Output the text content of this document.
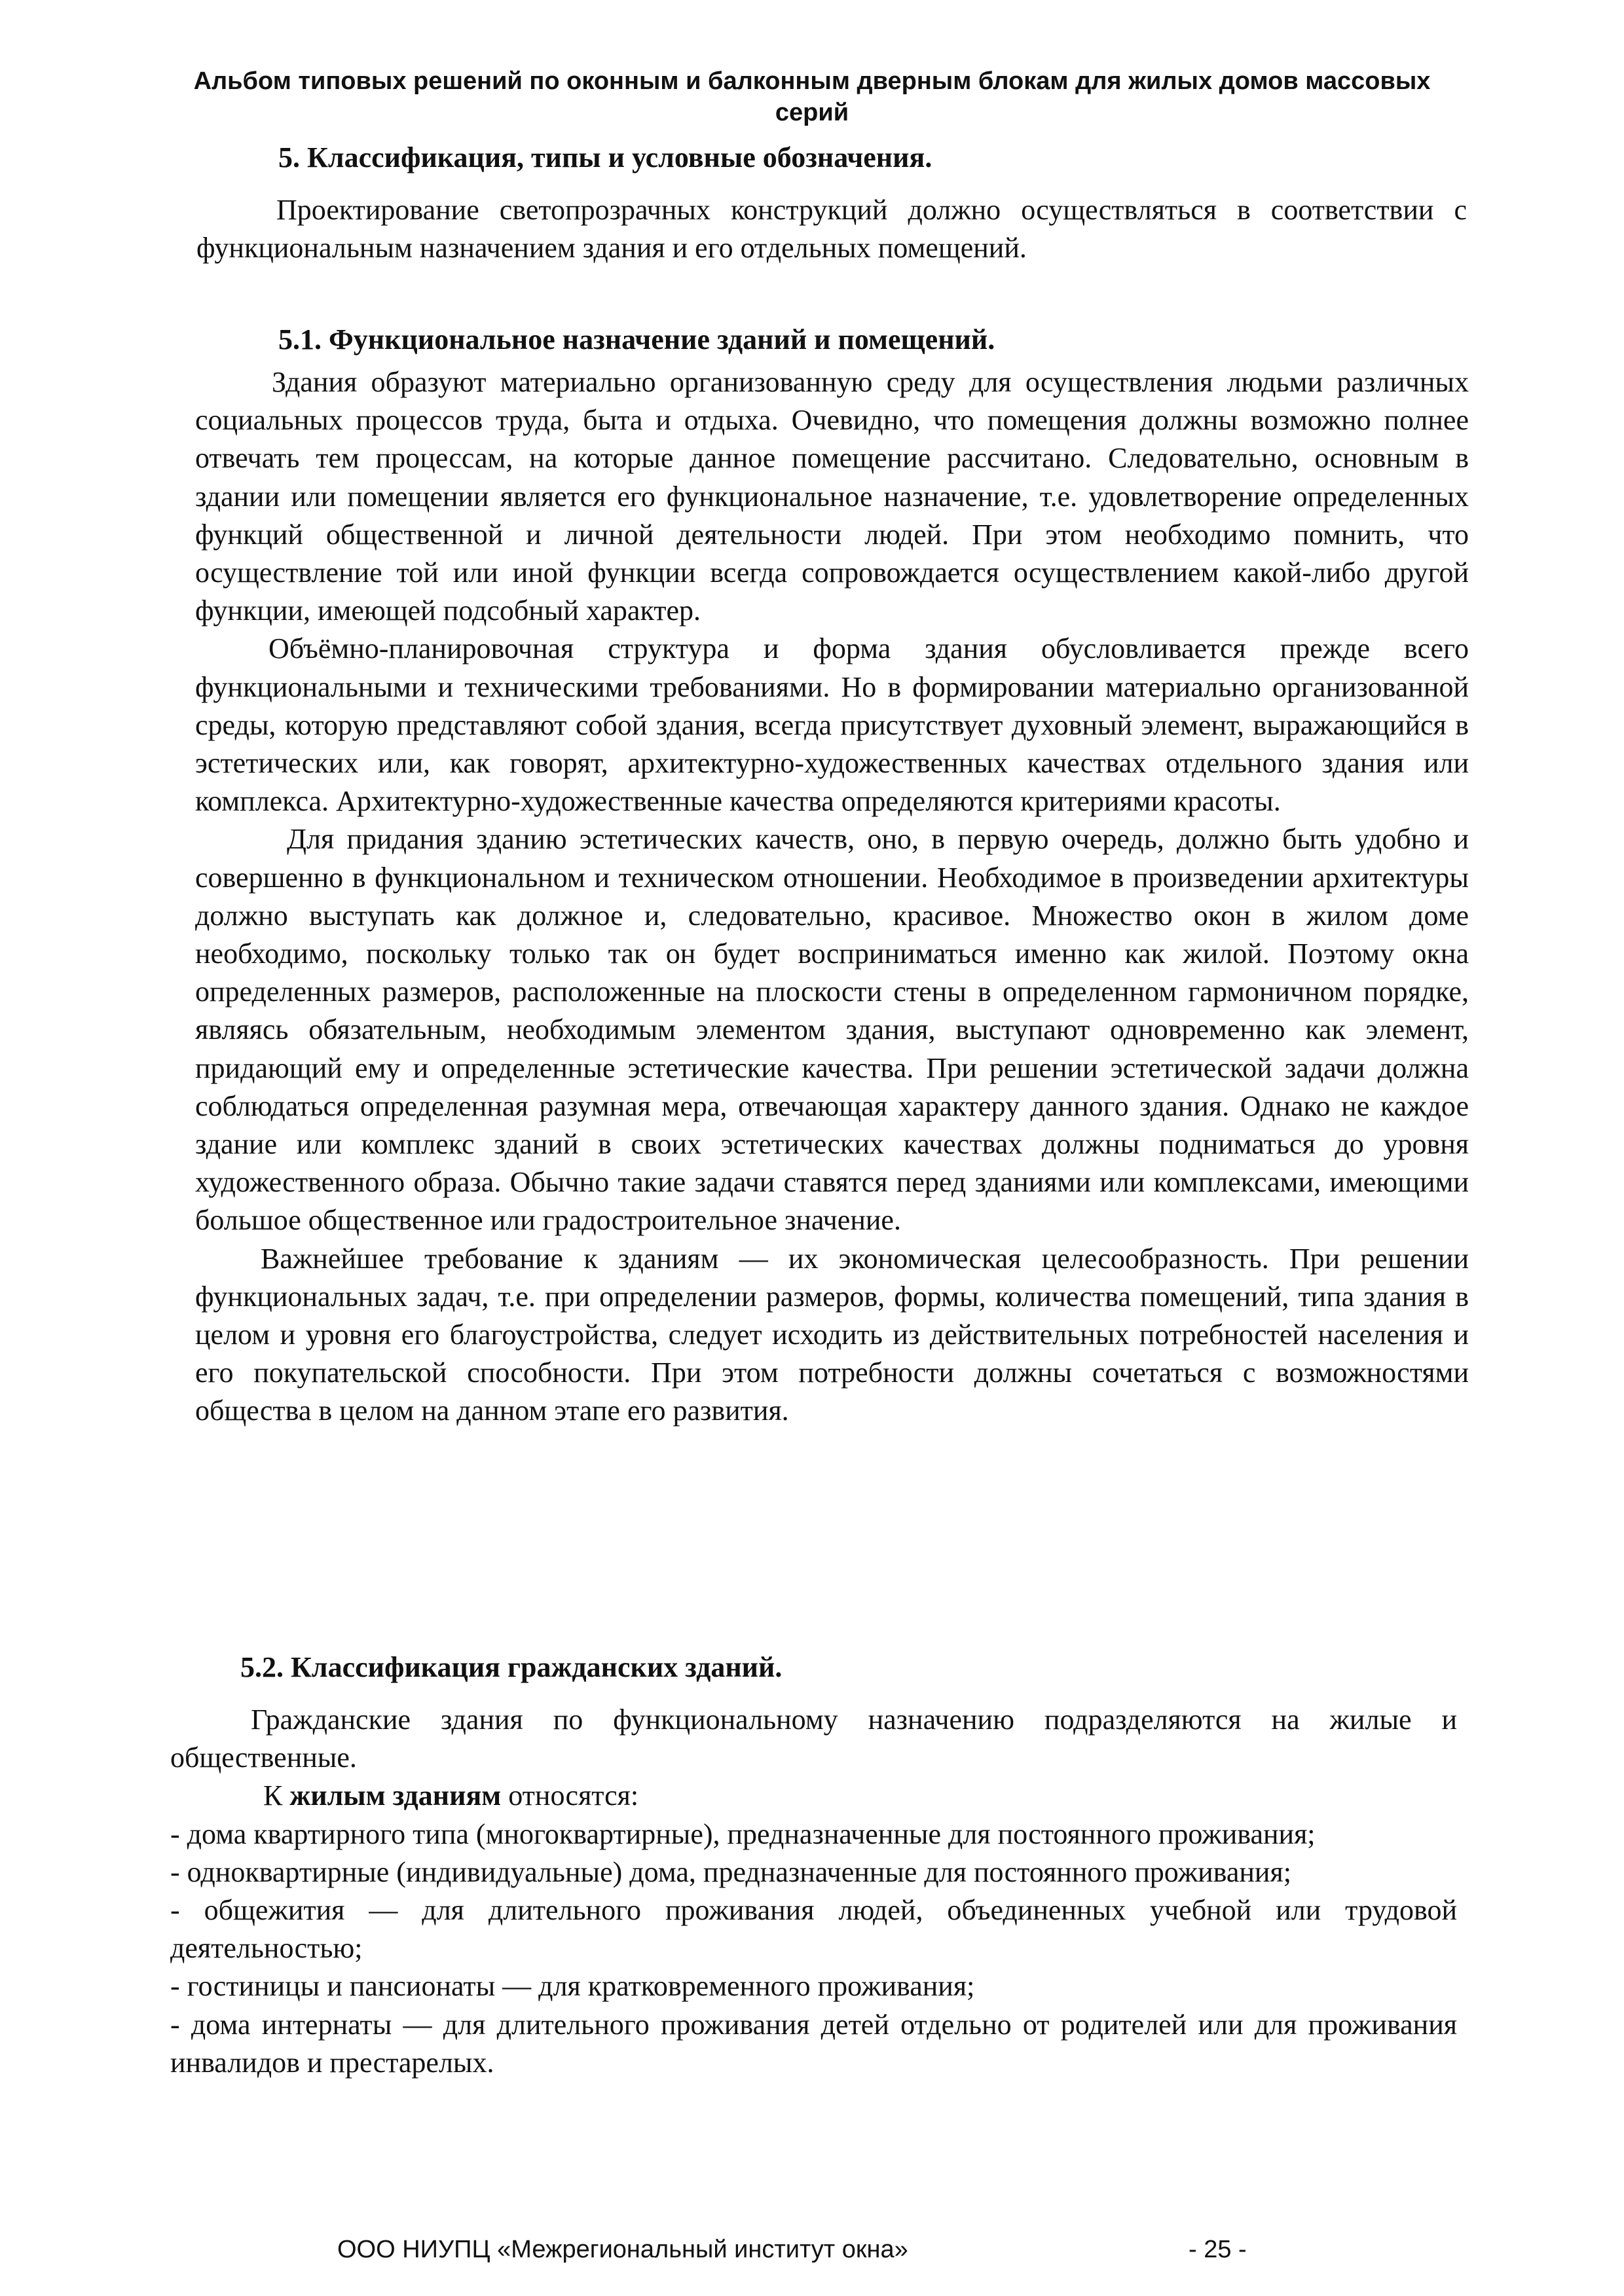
Альбом типовых решений по оконным и балконным дверным блокам для жилых домов массовых
серий
5. Классификация, типы и условные обозначения.

Проектирование светопрозрачных конструкций должно осуществляться в соответствии с функциональным назначением здания и его отдельных помещений.

5.1. Функциональное назначение зданий и помещений.

Здания образуют материально организованную среду для осуществления людьми различных социальных процессов труда, быта и отдыха. Очевидно, что помещения должны возможно полнее отвечать тем процессам, на которые данное помещение рассчитано. Следовательно, основным в здании или помещении является его функциональное назначение, т.е. удовлетворение определенных функций общественной и личной деятельности людей. При этом необходимо помнить, что осуществление той или иной функции всегда сопровождается осуществлением какой-либо другой функции, имеющей подсобный характер.

Объёмно-планировочная структура и форма здания обусловливается прежде всего функциональными и техническими требованиями. Но в формировании материально организованной среды, которую представляют собой здания, всегда присутствует духовный элемент, выражающийся в эстетических или, как говорят, архитектурно-художественных качествах отдельного здания или комплекса. Архитектурно-художественные качества определяются критериями красоты.

Для придания зданию эстетических качеств, оно, в первую очередь, должно быть удобно и совершенно в функциональном и техническом отношении. Необходимое в произведении архитектуры должно выступать как должное и, следовательно, красивое. Множество окон в жилом доме необходимо, поскольку только так он будет восприниматься именно как жилой. Поэтому окна определенных размеров, расположенные на плоскости стены в определенном гармоничном порядке, являясь обязательным, необходимым элементом здания, выступают одновременно как элемент, придающий ему и определенные эстетические качества. При решении эстетической задачи должна соблюдаться определенная разумная мера, отвечающая характеру данного здания. Однако не каждое здание или комплекс зданий в своих эстетических качествах должны подниматься до уровня художественного образа. Обычно такие задачи ставятся перед зданиями или комплексами, имеющими большое общественное или градостроительное значение.

Важнейшее требование к зданиям — их экономическая целесообразность. При решении функциональных задач, т.е. при определении размеров, формы, количества помещений, типа здания в целом и уровня его благоустройства, следует исходить из действительных потребностей населения и его покупательской способности. При этом потребности должны сочетаться с возможностями общества в целом на данном этапе его развития.

5.2. Классификация гражданских зданий.

Гражданские здания по функциональному назначению подразделяются на жилые и общественные.

К жилым зданиям относятся:

- дома квартирного типа (многоквартирные), предназначенные для постоянного проживания;

- одноквартирные (индивидуальные) дома, предназначенные для постоянного проживания;

- общежития — для длительного проживания людей, объединенных учебной или трудовой деятельностью;

- гостиницы и пансионаты — для кратковременного проживания;

- дома интернаты — для длительного проживания детей отдельно от родителей или для проживания инвалидов и престарелых.

ООО НИУПЦ «Межрегиональный институт окна»	- 25 -
